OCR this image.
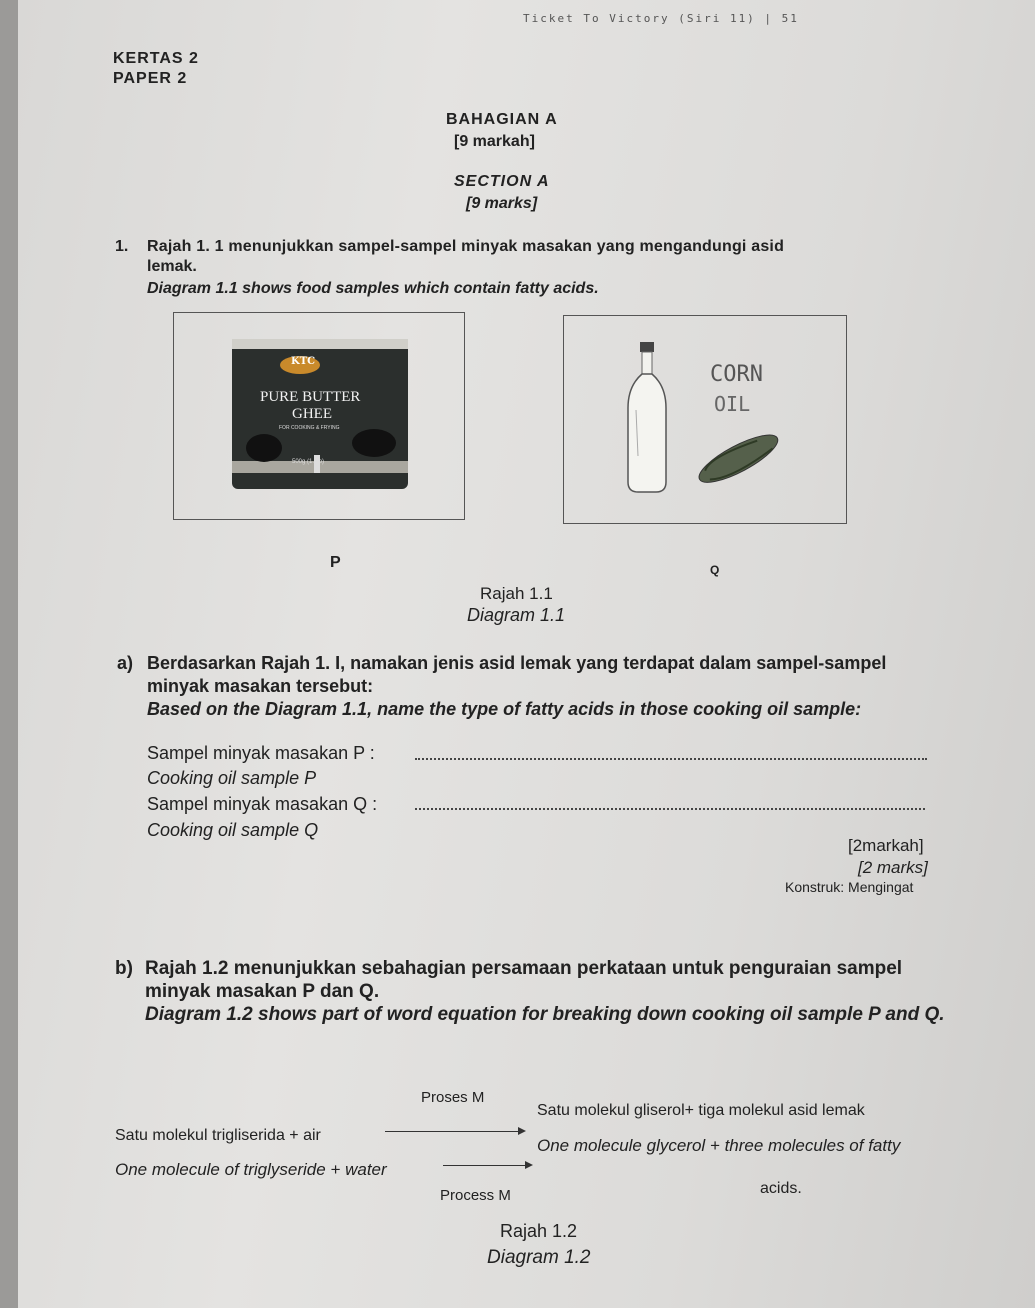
Ticket To Victory (Siri 11) | 51
KERTAS 2
PAPER 2
BAHAGIAN A
[9 markah]
SECTION A
[9 marks]
1. Rajah 1. 1 menunjukkan sampel-sampel minyak masakan yang mengandungi asid
lemak.
Diagram 1.1 shows food samples which contain fatty acids.
KTC
PURE BUTTER
GHEE
FOR COOKING & FRYING
500g (1.1lb)
CORN
OIL
P	Q
Rajah 1.1
Diagram 1.1
a) Berdasarkan Rajah 1. I, namakan jenis asid lemak yang terdapat dalam sampel-sampel
minyak masakan tersebut:
Based on the Diagram 1.1, name the type of fatty acids in those cooking oil sample:
Sampel minyak masakan P :
Cooking oil sample P
Sampel minyak masakan Q :
Cooking oil sample Q
[2markah]
[2 marks]
Konstruk: Mengingat
b) Rajah 1.2 menunjukkan sebahagian persamaan perkataan untuk penguraian sampel
minyak masakan P dan Q.
Diagram 1.2 shows part of word equation for breaking down cooking oil sample P and Q.
Proses M
Satu molekul trigliserida + air
Satu molekul gliserol+ tiga molekul asid lemak
One molecule of triglyseride + water
One molecule glycerol + three molecules of fatty
Process M	acids.
Rajah 1.2
Diagram 1.2
